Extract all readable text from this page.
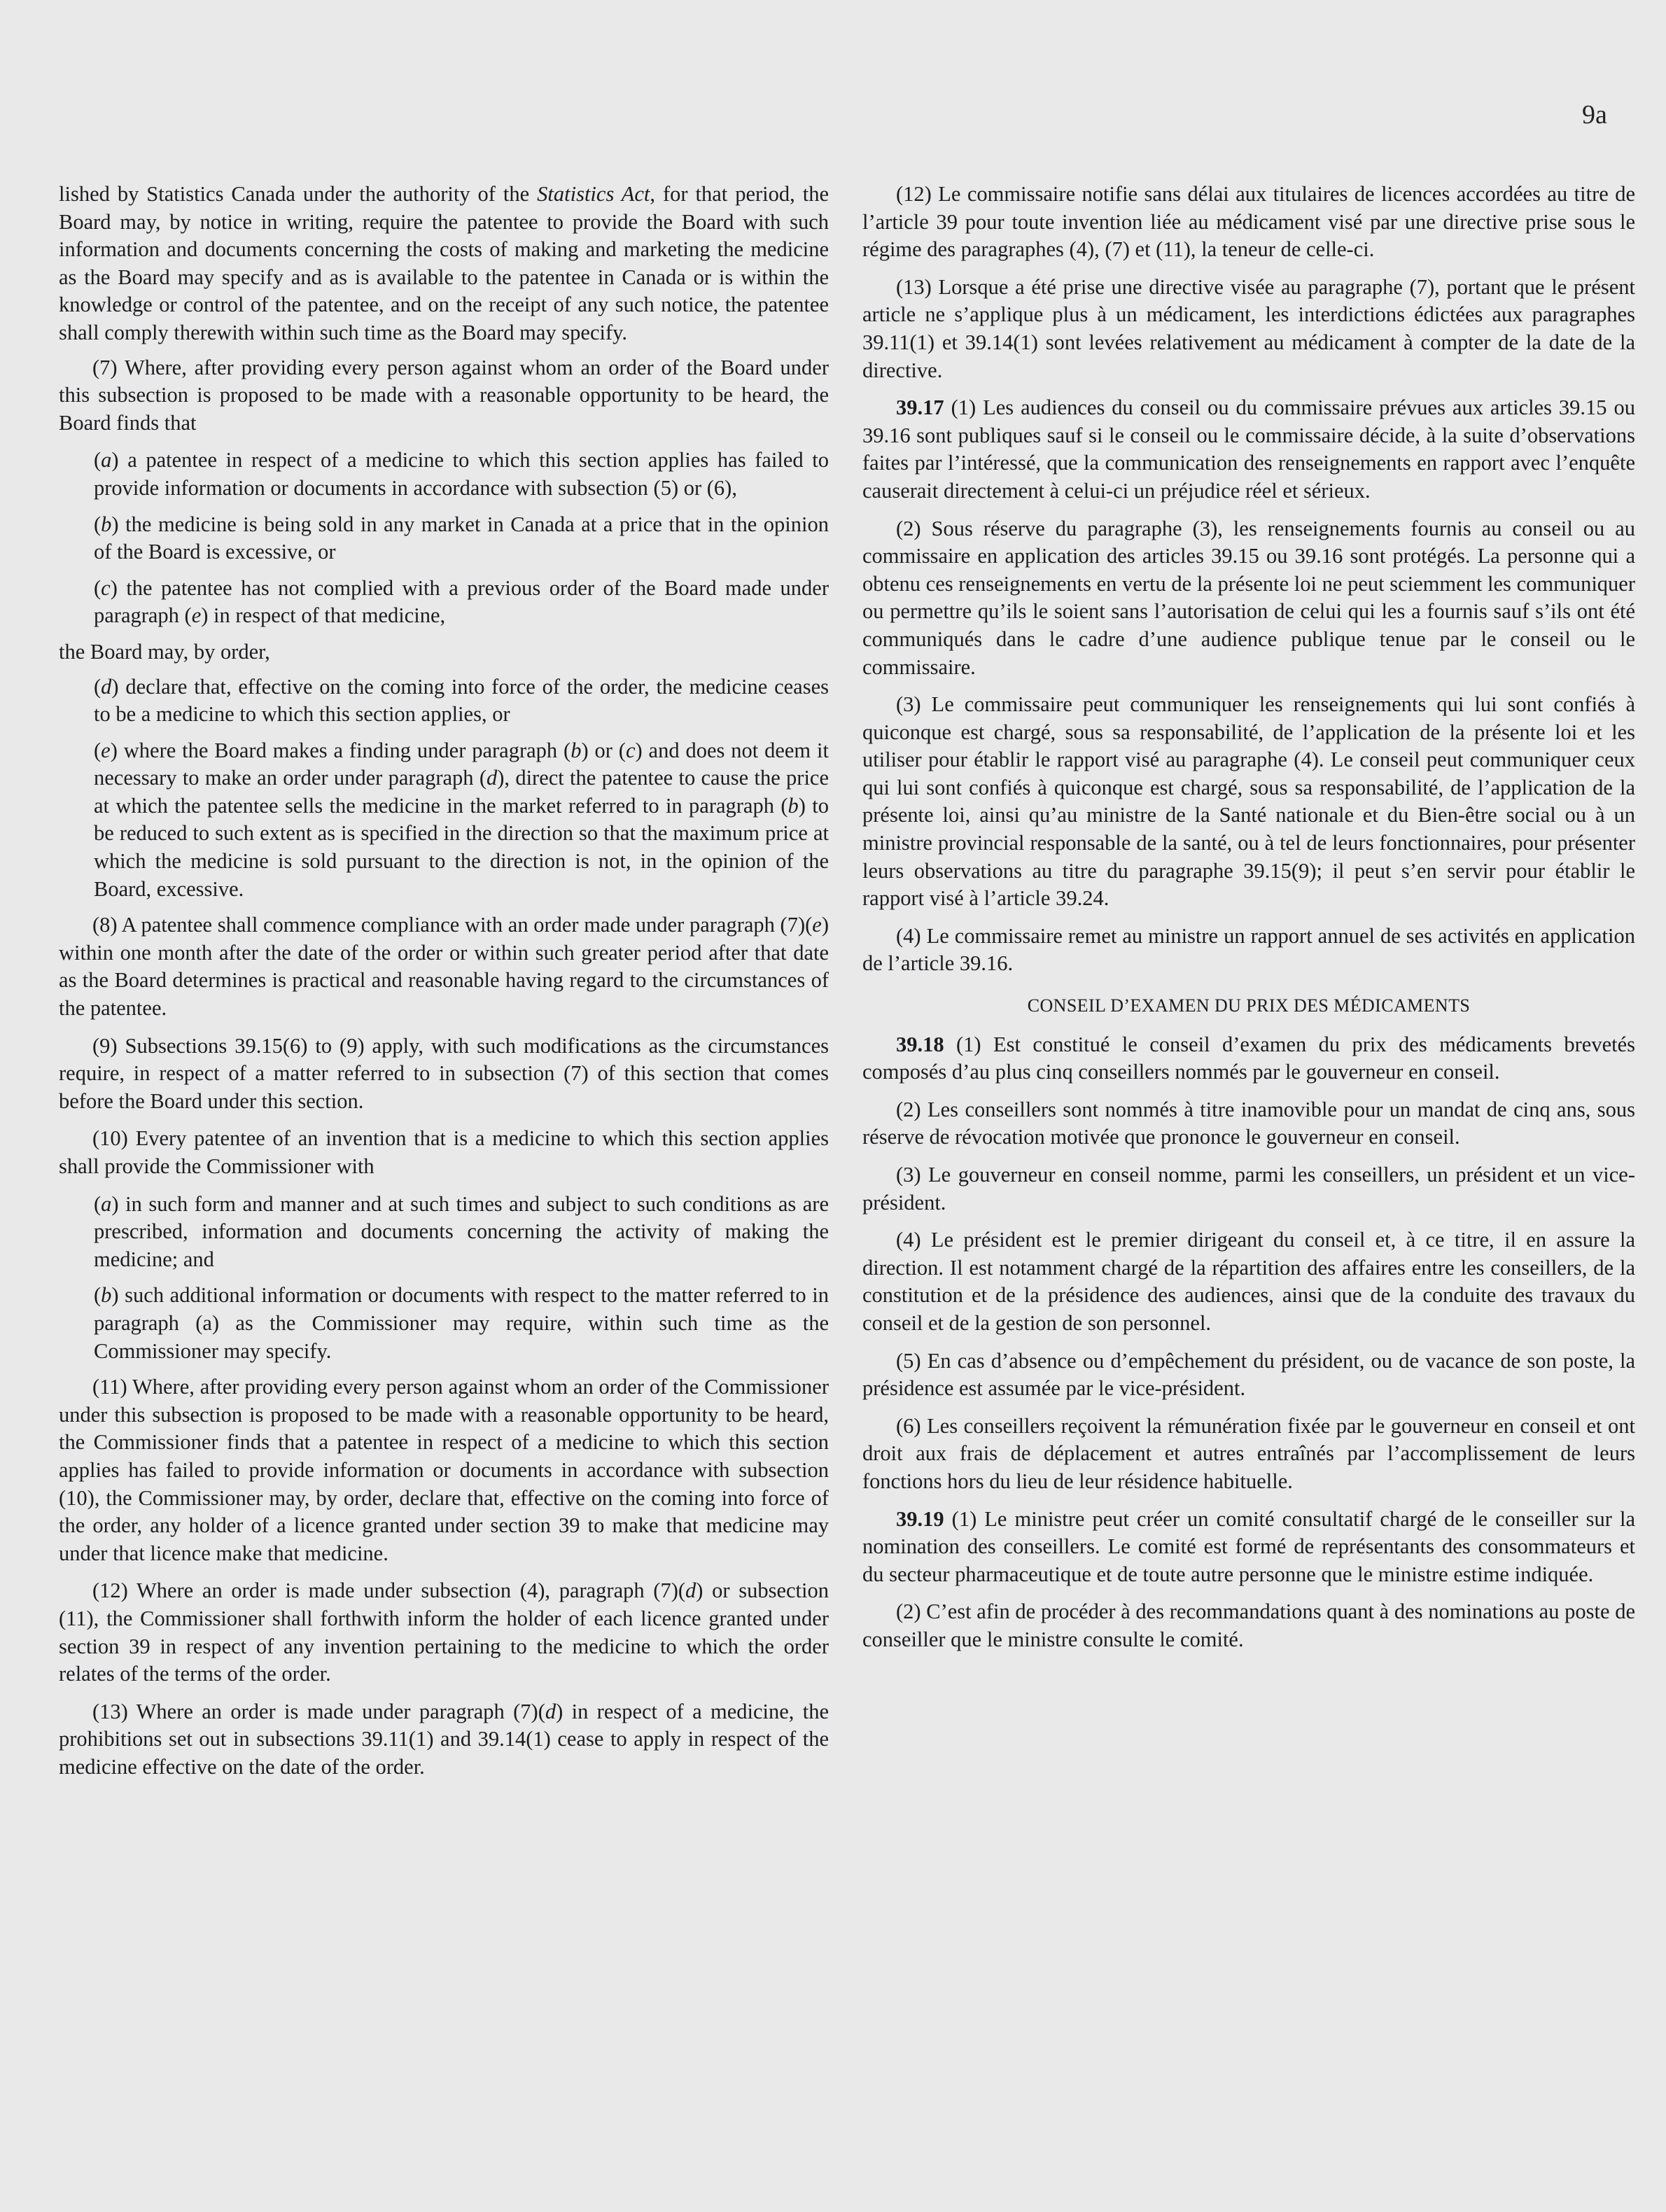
9a

lished by Statistics Canada under the authority of the Statistics Act, for that period, the Board may, by notice in writing, require the patentee to provide the Board with such information and documents concerning the costs of making and marketing the medicine as the Board may specify and as is available to the patentee in Canada or is within the knowledge or control of the patentee, and on the receipt of any such notice, the patentee shall comply therewith within such time as the Board may specify.

(7) Where, after providing every person against whom an order of the Board under this subsection is proposed to be made with a reasonable opportunity to be heard, the Board finds that

(a) a patentee in respect of a medicine to which this section applies has failed to provide information or documents in accordance with subsection (5) or (6),

(b) the medicine is being sold in any market in Canada at a price that in the opinion of the Board is excessive, or

(c) the patentee has not complied with a previous order of the Board made under paragraph (e) in respect of that medicine,

the Board may, by order,

(d) declare that, effective on the coming into force of the order, the medicine ceases to be a medicine to which this section applies, or

(e) where the Board makes a finding under paragraph (b) or (c) and does not deem it necessary to make an order under paragraph (d), direct the patentee to cause the price at which the patentee sells the medicine in the market referred to in paragraph (b) to be reduced to such extent as is specified in the direction so that the maximum price at which the medicine is sold pursuant to the direction is not, in the opinion of the Board, excessive.

(8) A patentee shall commence compliance with an order made under paragraph (7)(e) within one month after the date of the order or within such greater period after that date as the Board determines is practical and reasonable having regard to the circumstances of the patentee.

(9) Subsections 39.15(6) to (9) apply, with such modifications as the circumstances require, in respect of a matter referred to in subsection (7) of this section that comes before the Board under this section.

(10) Every patentee of an invention that is a medicine to which this section applies shall provide the Commissioner with

(a) in such form and manner and at such times and subject to such conditions as are prescribed, information and documents concerning the activity of making the medicine; and

(b) such additional information or documents with respect to the matter referred to in paragraph (a) as the Commissioner may require, within such time as the Commissioner may specify.

(11) Where, after providing every person against whom an order of the Commissioner under this subsection is proposed to be made with a reasonable opportunity to be heard, the Commissioner finds that a patentee in respect of a medicine to which this section applies has failed to provide information or documents in accordance with subsection (10), the Commissioner may, by order, declare that, effective on the coming into force of the order, any holder of a licence granted under section 39 to make that medicine may under that licence make that medicine.

(12) Where an order is made under subsection (4), paragraph (7)(d) or subsection (11), the Commissioner shall forthwith inform the holder of each licence granted under section 39 in respect of any invention pertaining to the medicine to which the order relates of the terms of the order.

(13) Where an order is made under paragraph (7)(d) in respect of a medicine, the prohibitions set out in subsections 39.11(1) and 39.14(1) cease to apply in respect of the medicine effective on the date of the order.

(12) Le commissaire notifie sans délai aux titulaires de licences accordées au titre de l’article 39 pour toute invention liée au médicament visé par une directive prise sous le régime des paragraphes (4), (7) et (11), la teneur de celle-ci.

(13) Lorsque a été prise une directive visée au paragraphe (7), portant que le présent article ne s’applique plus à un médicament, les interdictions édictées aux paragraphes 39.11(1) et 39.14(1) sont levées relativement au médicament à compter de la date de la directive.

39.17 (1) Les audiences du conseil ou du commissaire prévues aux articles 39.15 ou 39.16 sont publiques sauf si le conseil ou le commissaire décide, à la suite d’observations faites par l’intéressé, que la communication des renseignements en rapport avec l’enquête causerait directement à celui-ci un préjudice réel et sérieux.

(2) Sous réserve du paragraphe (3), les renseignements fournis au conseil ou au commissaire en application des articles 39.15 ou 39.16 sont protégés. La personne qui a obtenu ces renseignements en vertu de la présente loi ne peut sciemment les communiquer ou permettre qu’ils le soient sans l’autorisation de celui qui les a fournis sauf s’ils ont été communiqués dans le cadre d’une audience publique tenue par le conseil ou le commissaire.

(3) Le commissaire peut communiquer les renseignements qui lui sont confiés à quiconque est chargé, sous sa responsabilité, de l’application de la présente loi et les utiliser pour établir le rapport visé au paragraphe (4). Le conseil peut communiquer ceux qui lui sont confiés à quiconque est chargé, sous sa responsabilité, de l’application de la présente loi, ainsi qu’au ministre de la Santé nationale et du Bien-être social ou à un ministre provincial responsable de la santé, ou à tel de leurs fonctionnaires, pour présenter leurs observations au titre du paragraphe 39.15(9); il peut s’en servir pour établir le rapport visé à l’article 39.24.

(4) Le commissaire remet au ministre un rapport annuel de ses activités en application de l’article 39.16.

CONSEIL D’EXAMEN DU PRIX DES MÉDICAMENTS

39.18 (1) Est constitué le conseil d’examen du prix des médicaments brevetés composés d’au plus cinq conseillers nommés par le gouverneur en conseil.

(2) Les conseillers sont nommés à titre inamovible pour un mandat de cinq ans, sous réserve de révocation motivée que prononce le gouverneur en conseil.

(3) Le gouverneur en conseil nomme, parmi les conseillers, un président et un vice-président.

(4) Le président est le premier dirigeant du conseil et, à ce titre, il en assure la direction. Il est notamment chargé de la répartition des affaires entre les conseillers, de la constitution et de la présidence des audiences, ainsi que de la conduite des travaux du conseil et de la gestion de son personnel.

(5) En cas d’absence ou d’empêchement du président, ou de vacance de son poste, la présidence est assumée par le vice-président.

(6) Les conseillers reçoivent la rémunération fixée par le gouverneur en conseil et ont droit aux frais de déplacement et autres entraînés par l’accomplissement de leurs fonctions hors du lieu de leur résidence habituelle.

39.19 (1) Le ministre peut créer un comité consultatif chargé de le conseiller sur la nomination des conseillers. Le comité est formé de représentants des consommateurs et du secteur pharmaceutique et de toute autre personne que le ministre estime indiquée.

(2) C’est afin de procéder à des recommandations quant à des nominations au poste de conseiller que le ministre consulte le comité.
